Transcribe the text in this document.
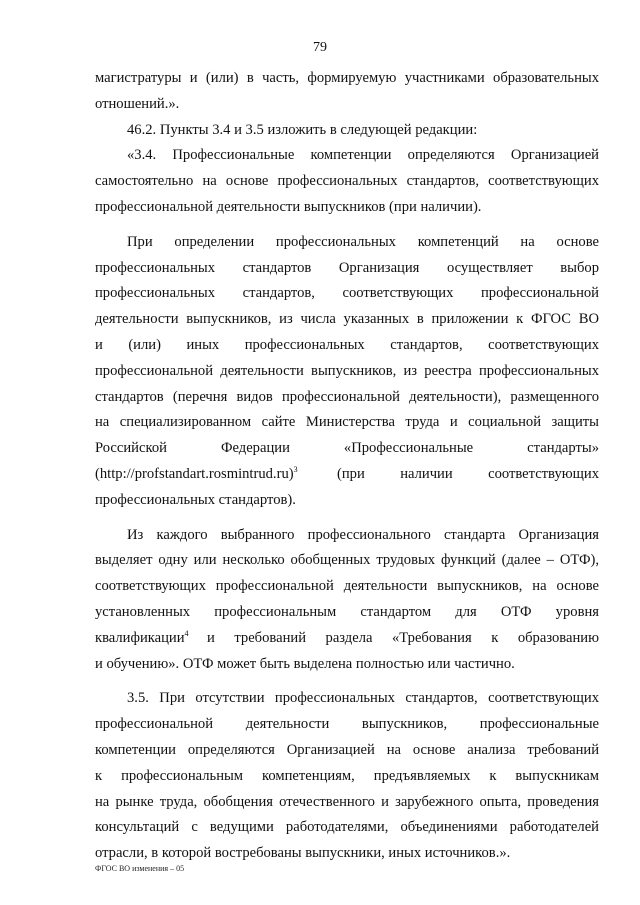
79
магистратуры и (или) в часть, формируемую участниками образовательных
отношений.».
46.2. Пункты 3.4 и 3.5 изложить в следующей редакции:
«3.4. Профессиональные компетенции определяются Организацией
самостоятельно на основе профессиональных стандартов, соответствующих
профессиональной деятельности выпускников (при наличии).
При определении профессиональных компетенций на основе
профессиональных стандартов Организация осуществляет выбор
профессиональных стандартов, соответствующих профессиональной
деятельности выпускников, из числа указанных в приложении к ФГОС ВО
и (или) иных профессиональных стандартов, соответствующих
профессиональной деятельности выпускников, из реестра профессиональных
стандартов (перечня видов профессиональной деятельности), размещенного
на специализированном сайте Министерства труда и социальной защиты
Российской Федерации «Профессиональные стандарты»
(http://profstandart.rosmintrud.ru)$^3$	(при наличии соответствующих
профессиональных стандартов).
Из каждого выбранного профессионального стандарта Организация
выделяет одну или несколько обобщенных трудовых функций (далее – ОТФ),
соответствующих профессиональной деятельности выпускников, на основе
установленных профессиональным стандартом для ОТФ уровня
квалификации$^4$ и требований раздела «Требования к образованию
и обучению». ОТФ может быть выделена полностью или частично.
3.5. При отсутствии профессиональных стандартов, соответствующих
профессиональной деятельности выпускников, профессиональные
компетенции определяются Организацией на основе анализа требований
к профессиональным компетенциям, предъявляемых к выпускникам
на рынке труда, обобщения отечественного и зарубежного опыта, проведения
консультаций с ведущими работодателями, объединениями работодателей
отрасли, в которой востребованы выпускники, иных источников.».
ФГОС ВО изменения – 05
